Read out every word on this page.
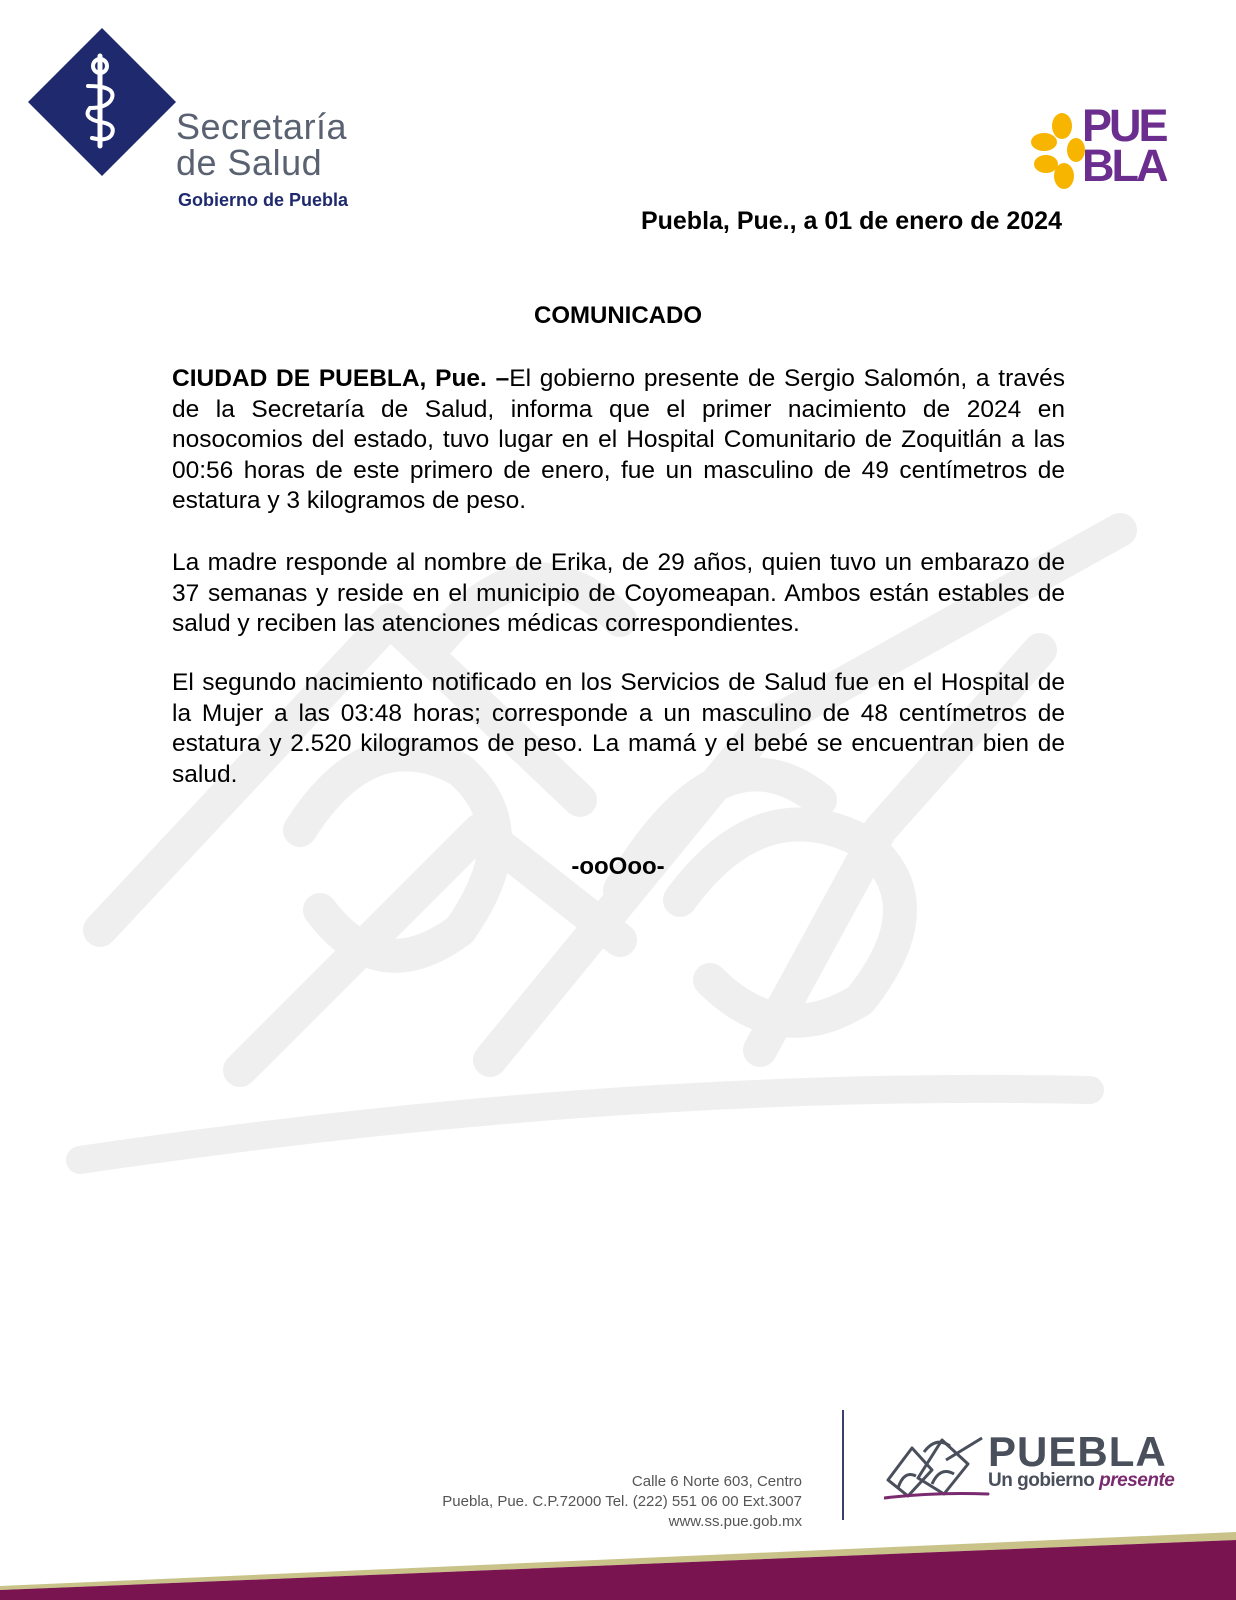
Secretaría
de Salud
Gobierno de Puebla
PUE
BLA
Puebla, Pue., a 01 de enero de 2024
COMUNICADO

CIUDAD DE PUEBLA, Pue. –El gobierno presente de Sergio Salomón, a través de la Secretaría de Salud, informa que el primer nacimiento de 2024 en nosocomios del estado, tuvo lugar en el Hospital Comunitario de Zoquitlán a las 00:56 horas de este primero de enero, fue un masculino de 49 centímetros de estatura y 3 kilogramos de peso.

La madre responde al nombre de Erika, de 29 años, quien tuvo un embarazo de 37 semanas y reside en el municipio de Coyomeapan. Ambos están estables de salud y reciben las atenciones médicas correspondientes.

El segundo nacimiento notificado en los Servicios de Salud fue en el Hospital de la Mujer a las 03:48 horas; corresponde a un masculino de 48 centímetros de estatura y 2.520 kilogramos de peso. La mamá y el bebé se encuentran bien de salud.

-ooOoo-
Calle 6 Norte 603, Centro
Puebla, Pue. C.P.72000 Tel. (222) 551 06 00 Ext.3007
www.ss.pue.gob.mx
PUEBLA
Un gobierno presente
